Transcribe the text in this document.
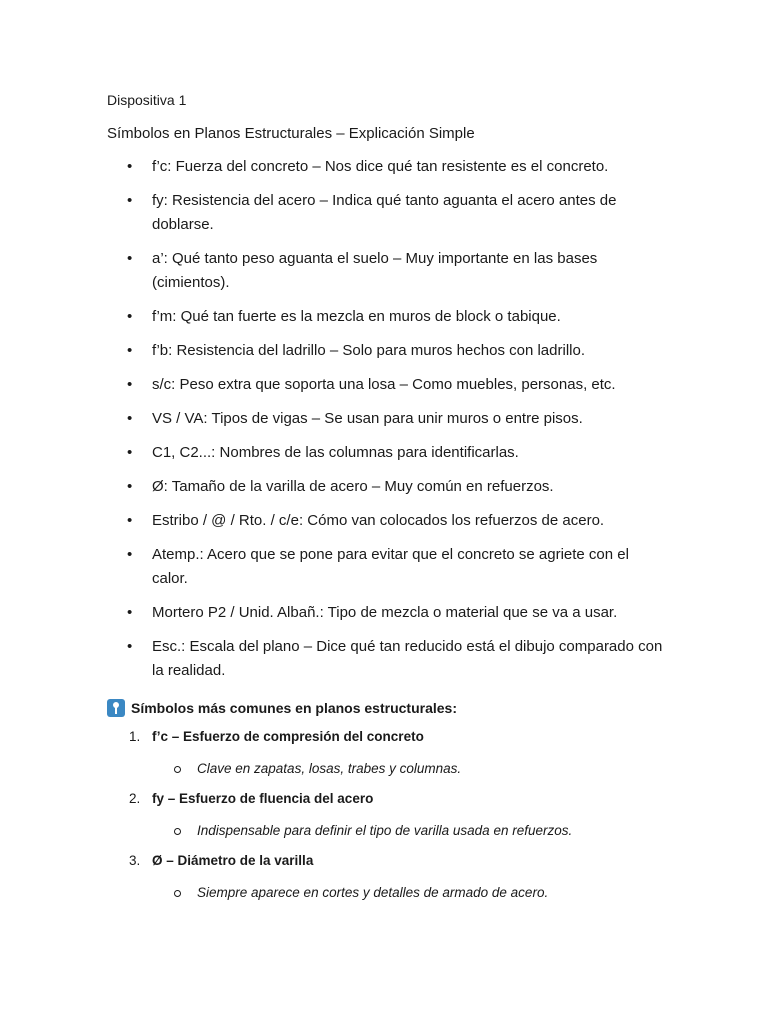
Dispositiva 1
Símbolos en Planos Estructurales – Explicación Simple
• f’c: Fuerza del concreto – Nos dice qué tan resistente es el concreto.
• fy: Resistencia del acero – Indica qué tanto aguanta el acero antes de doblarse.
• a’: Qué tanto peso aguanta el suelo – Muy importante en las bases (cimientos).
• f’m: Qué tan fuerte es la mezcla en muros de block o tabique.
• f’b: Resistencia del ladrillo – Solo para muros hechos con ladrillo.
• s/c: Peso extra que soporta una losa – Como muebles, personas, etc.
• VS / VA: Tipos de vigas – Se usan para unir muros o entre pisos.
• C1, C2...: Nombres de las columnas para identificarlas.
• Ø: Tamaño de la varilla de acero – Muy común en refuerzos.
• Estribo / @ / Rto. / c/e: Cómo van colocados los refuerzos de acero.
• Atemp.: Acero que se pone para evitar que el concreto se agriete con el calor.
• Mortero P2 / Unid. Albañ.: Tipo de mezcla o material que se va a usar.
• Esc.: Escala del plano – Dice qué tan reducido está el dibujo comparado con la realidad.
Símbolos más comunes en planos estructurales:
1. f’c – Esfuerzo de compresión del concreto
Clave en zapatas, losas, trabes y columnas.
2. fy – Esfuerzo de fluencia del acero
Indispensable para definir el tipo de varilla usada en refuerzos.
3. Ø – Diámetro de la varilla
Siempre aparece en cortes y detalles de armado de acero.
